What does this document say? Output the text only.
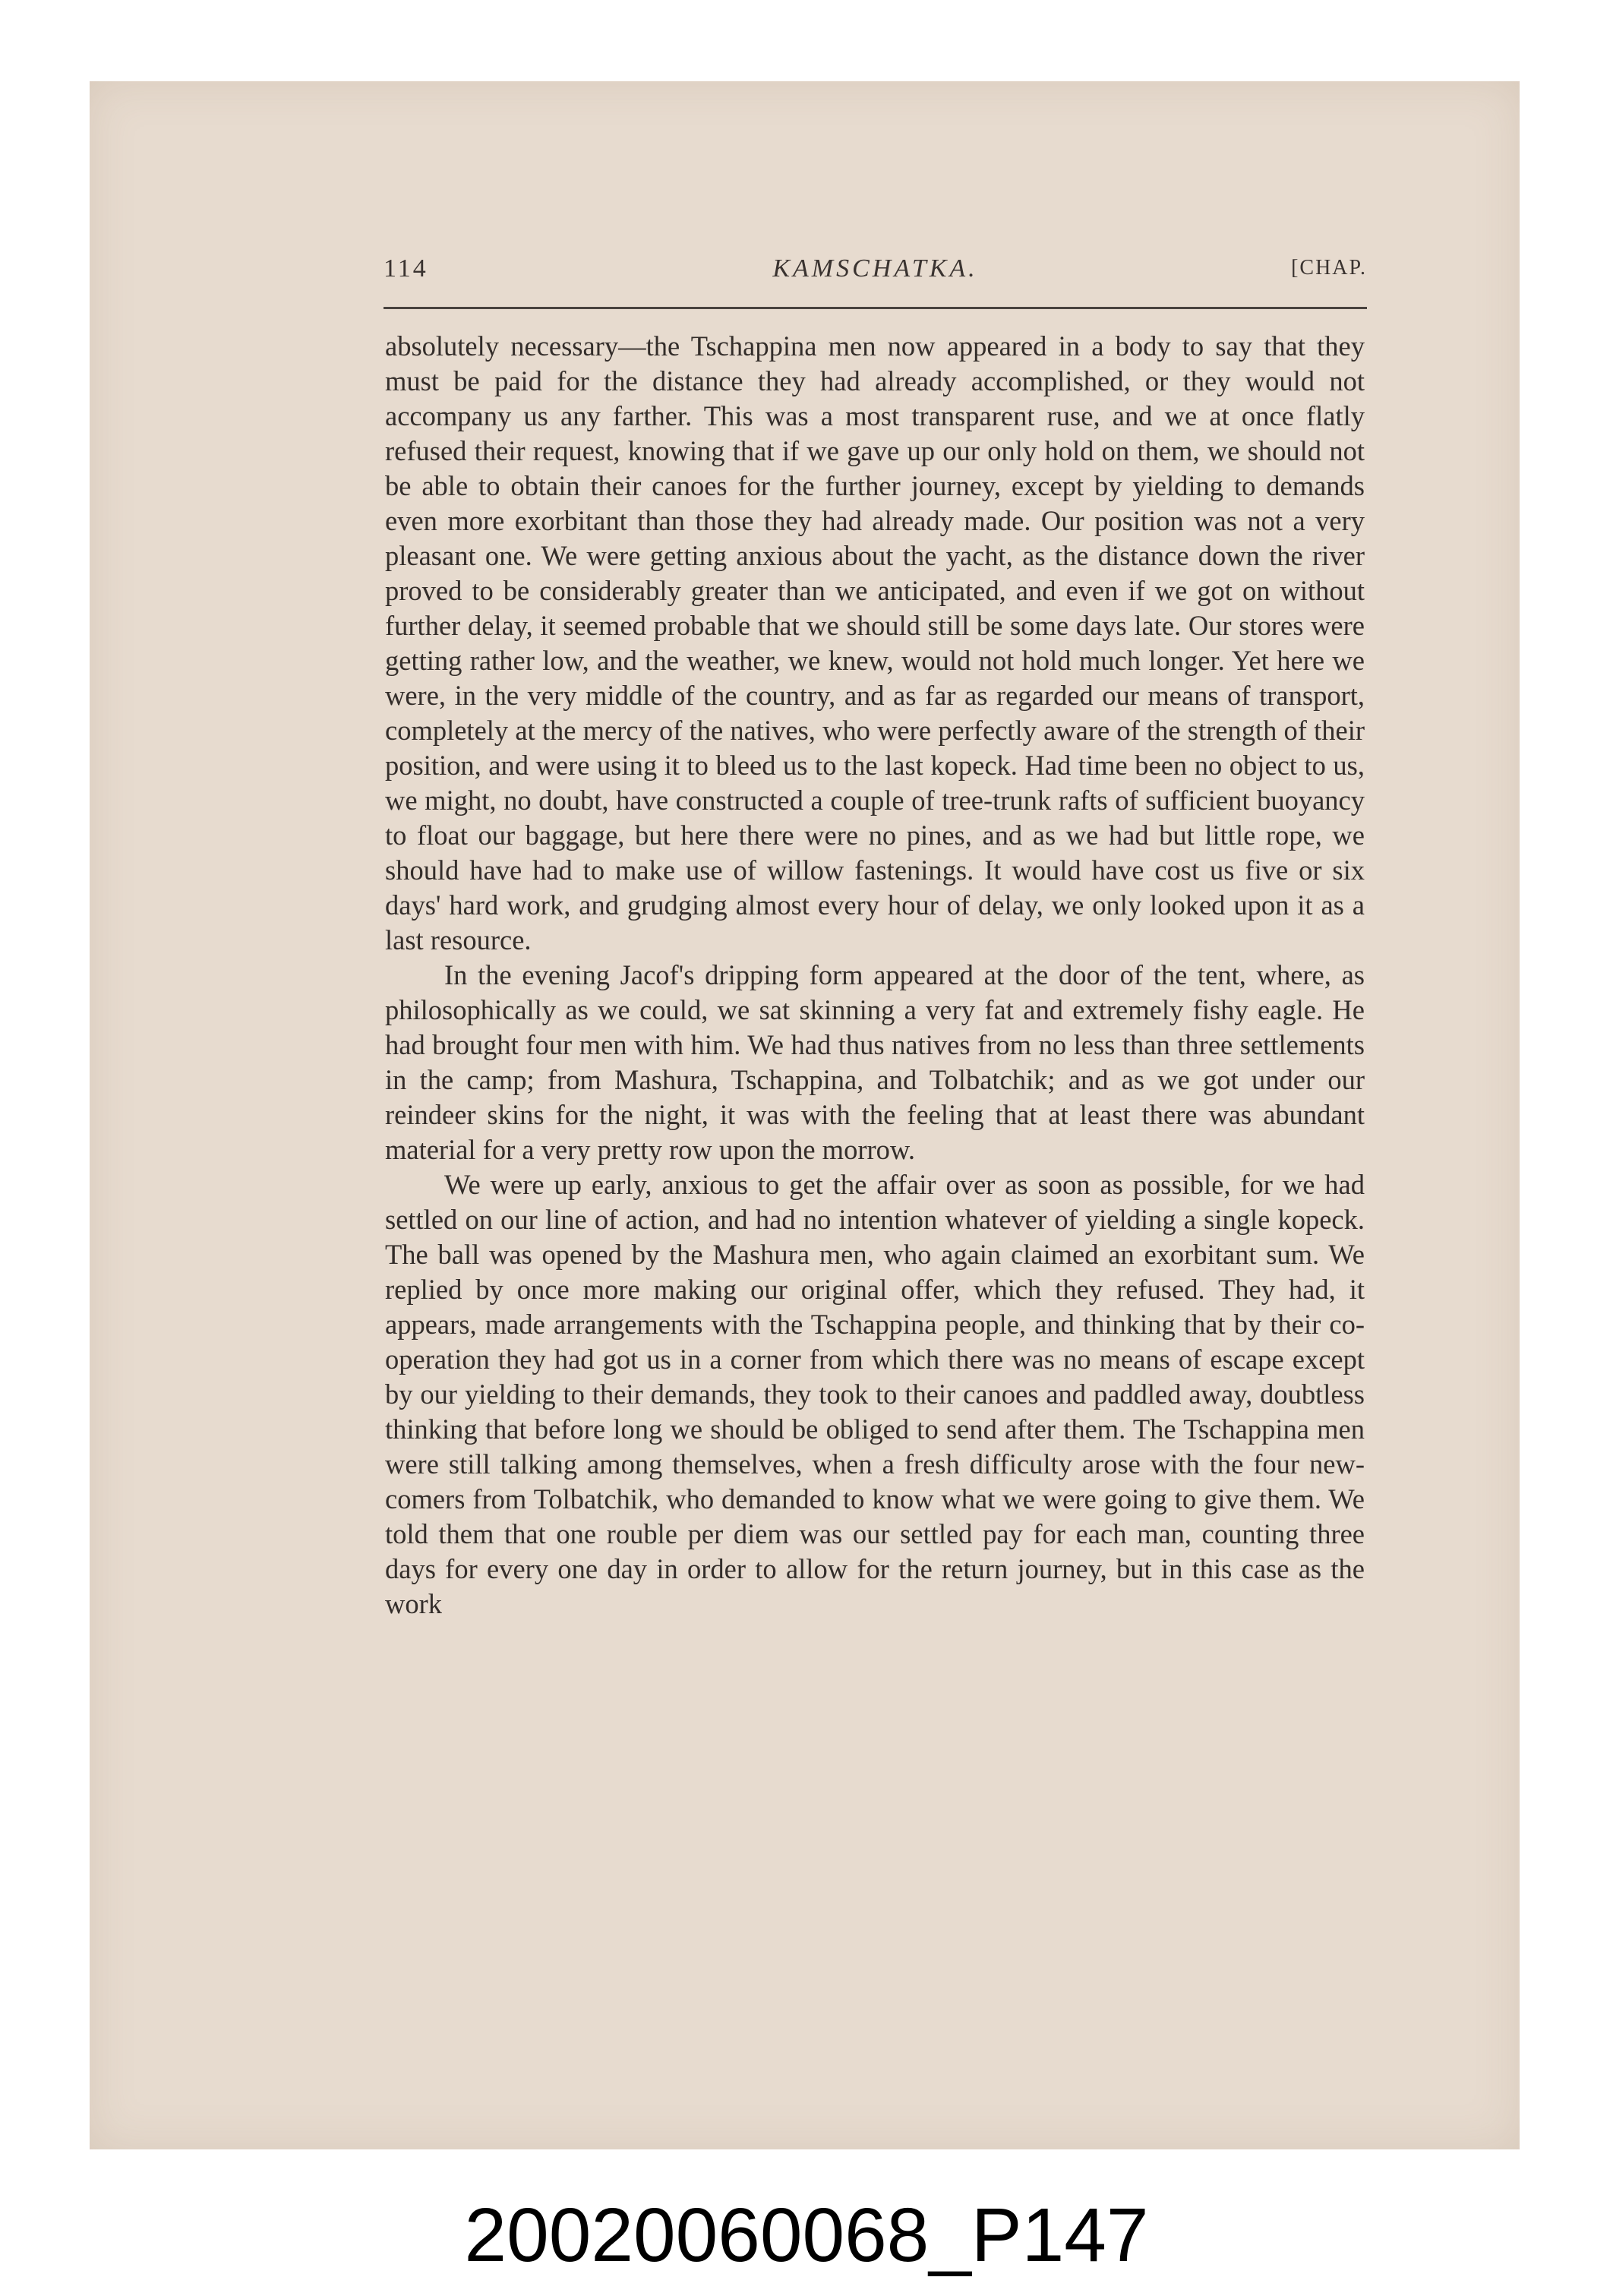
114	KAMSCHATKA.	[CHAP.

absolutely necessary—the Tschappina men now appeared in a body to say that they must be paid for the distance they had already accomplished, or they would not accompany us any farther. This was a most transparent ruse, and we at once flatly refused their request, knowing that if we gave up our only hold on them, we should not be able to obtain their canoes for the further journey, except by yielding to demands even more exorbitant than those they had already made. Our position was not a very pleasant one. We were getting anxious about the yacht, as the distance down the river proved to be considerably greater than we anticipated, and even if we got on without further delay, it seemed probable that we should still be some days late. Our stores were getting rather low, and the weather, we knew, would not hold much longer. Yet here we were, in the very middle of the country, and as far as regarded our means of transport, completely at the mercy of the natives, who were perfectly aware of the strength of their position, and were using it to bleed us to the last kopeck. Had time been no object to us, we might, no doubt, have constructed a couple of tree-trunk rafts of sufficient buoyancy to float our baggage, but here there were no pines, and as we had but little rope, we should have had to make use of willow fastenings. It would have cost us five or six days' hard work, and grudging almost every hour of delay, we only looked upon it as a last resource.

In the evening Jacof's dripping form appeared at the door of the tent, where, as philosophically as we could, we sat skinning a very fat and extremely fishy eagle. He had brought four men with him. We had thus natives from no less than three settlements in the camp; from Mashura, Tschappina, and Tolbatchik; and as we got under our reindeer skins for the night, it was with the feeling that at least there was abundant material for a very pretty row upon the morrow.

We were up early, anxious to get the affair over as soon as possible, for we had settled on our line of action, and had no intention whatever of yielding a single kopeck. The ball was opened by the Mashura men, who again claimed an exorbitant sum. We replied by once more making our original offer, which they refused. They had, it appears, made arrangements with the Tschappina people, and thinking that by their co-operation they had got us in a corner from which there was no means of escape except by our yielding to their demands, they took to their canoes and paddled away, doubtless thinking that before long we should be obliged to send after them. The Tschappina men were still talking among themselves, when a fresh difficulty arose with the four new-comers from Tolbatchik, who demanded to know what we were going to give them. We told them that one rouble per diem was our settled pay for each man, counting three days for every one day in order to allow for the return journey, but in this case as the work

20020060068_P147
